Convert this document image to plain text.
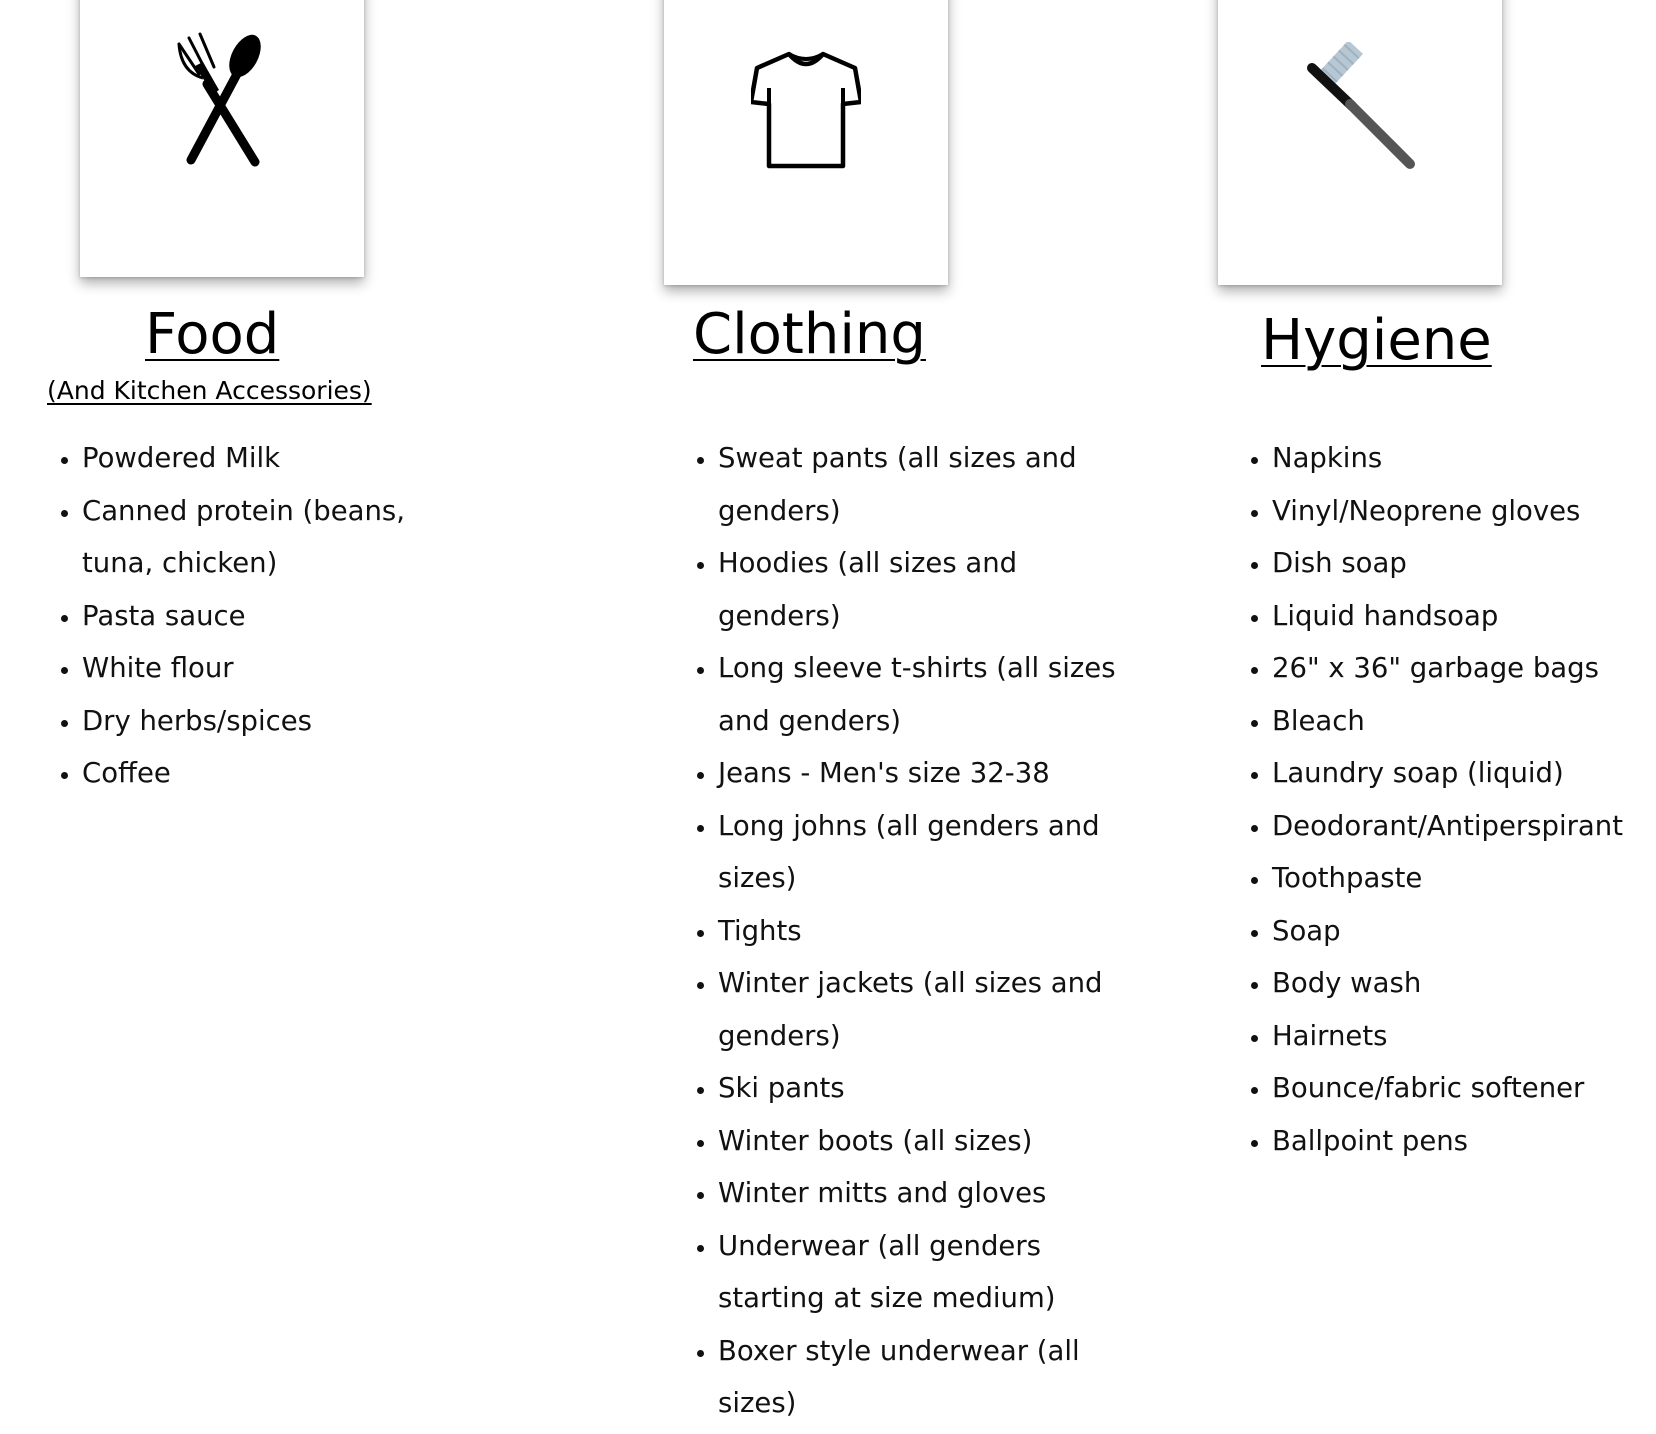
Food
(And Kitchen Accessories)
• Powdered Milk
• Canned protein (beans, tuna, chicken)
• Pasta sauce
• White flour
• Dry herbs/spices
• Coffee
Clothing
• Sweat pants (all sizes and genders)
• Hoodies (all sizes and genders)
• Long sleeve t-shirts (all sizes and genders)
• Jeans - Men's size 32-38
• Long johns (all genders and sizes)
• Tights
• Winter jackets (all sizes and genders)
• Ski pants
• Winter boots (all sizes)
• Winter mitts and gloves
• Underwear (all genders starting at size medium)
• Boxer style underwear (all sizes)
Hygiene
• Napkins
• Vinyl/Neoprene gloves
• Dish soap
• Liquid handsoap
• 26" x 36" garbage bags
• Bleach
• Laundry soap (liquid)
• Deodorant/Antiperspirant
• Toothpaste
• Soap
• Body wash
• Hairnets
• Bounce/fabric softener
• Ballpoint pens
